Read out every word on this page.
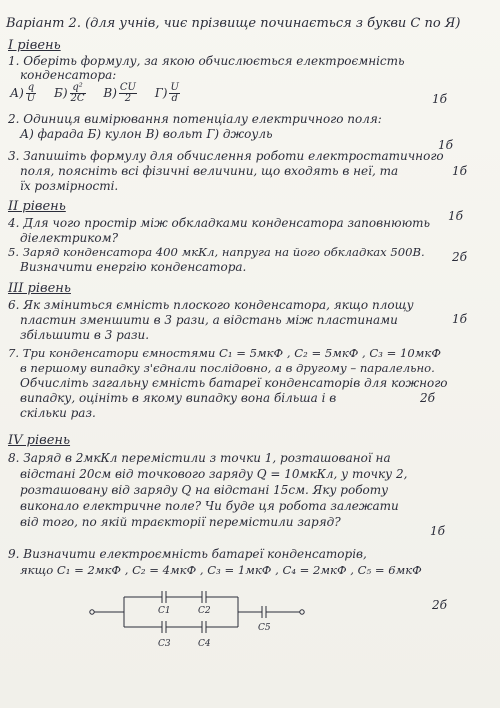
Варіант 2. (для учнів, чиє прізвище починається з букви С по Я)
І рівень
1. Оберіть формулу, за якою обчислюється електроємність
конденсатора:
$А) \frac{q}{U} Б) \frac{\text{q²}}{2C} В) \frac{CU}{2} Г) \frac{U}{d}$	1б
2. Одиниця вимірювання потенціалу електричного поля:
1б
А) фарада Б) кулон В) вольт Г) джоуль
3. Запишіть формулу для обчислення роботи електростатичного
поля, поясніть всі фізичні величини, що входять в неї, та	1б
їх розмірності.
ІІ рівень
4. Для чого простір між обкладками конденсатора заповнюють
діелектриком?
1б
5. Заряд конденсатора 400 мкКл, напруга на його обкладках 500В.
Визначити енергію конденсатора.
2б
ІІІ рівень
6. Як зміниться ємність плоского конденсатора, якщо площу
пластин зменшити в 3 рази, а відстань між пластинами	1б
збільшити в 3 рази.
7. Три конденсатори ємностями C₁ = 5мкФ , C₂ = 5мкФ , C₃ = 10мкФ
в першому випадку з'єднали послідовно, а в другому – паралельно.
Обчисліть загальну ємність батареї конденсаторів для кожного
випадку, оцініть в якому випадку вона більша і в	2б
скільки раз.
IV рівень
8. Заряд в 2мкКл перемістили з точки 1, розташованої на
відстані 20см від точкового заряду Q = 10мкКл, у точку 2,
розташовану від заряду Q на відстані 15см. Яку роботу
виконало електричне поле? Чи буде ця робота залежати
від того, по якій траєкторії перемістили заряд?
1б
9. Визначити електроємність батареї конденсаторів,
якщо C₁ = 2мкФ , C₂ = 4мкФ , C₃ = 1мкФ , C₄ = 2мкФ , C₅ = 6мкФ
2б
C1	C2
C3	C4
C5
